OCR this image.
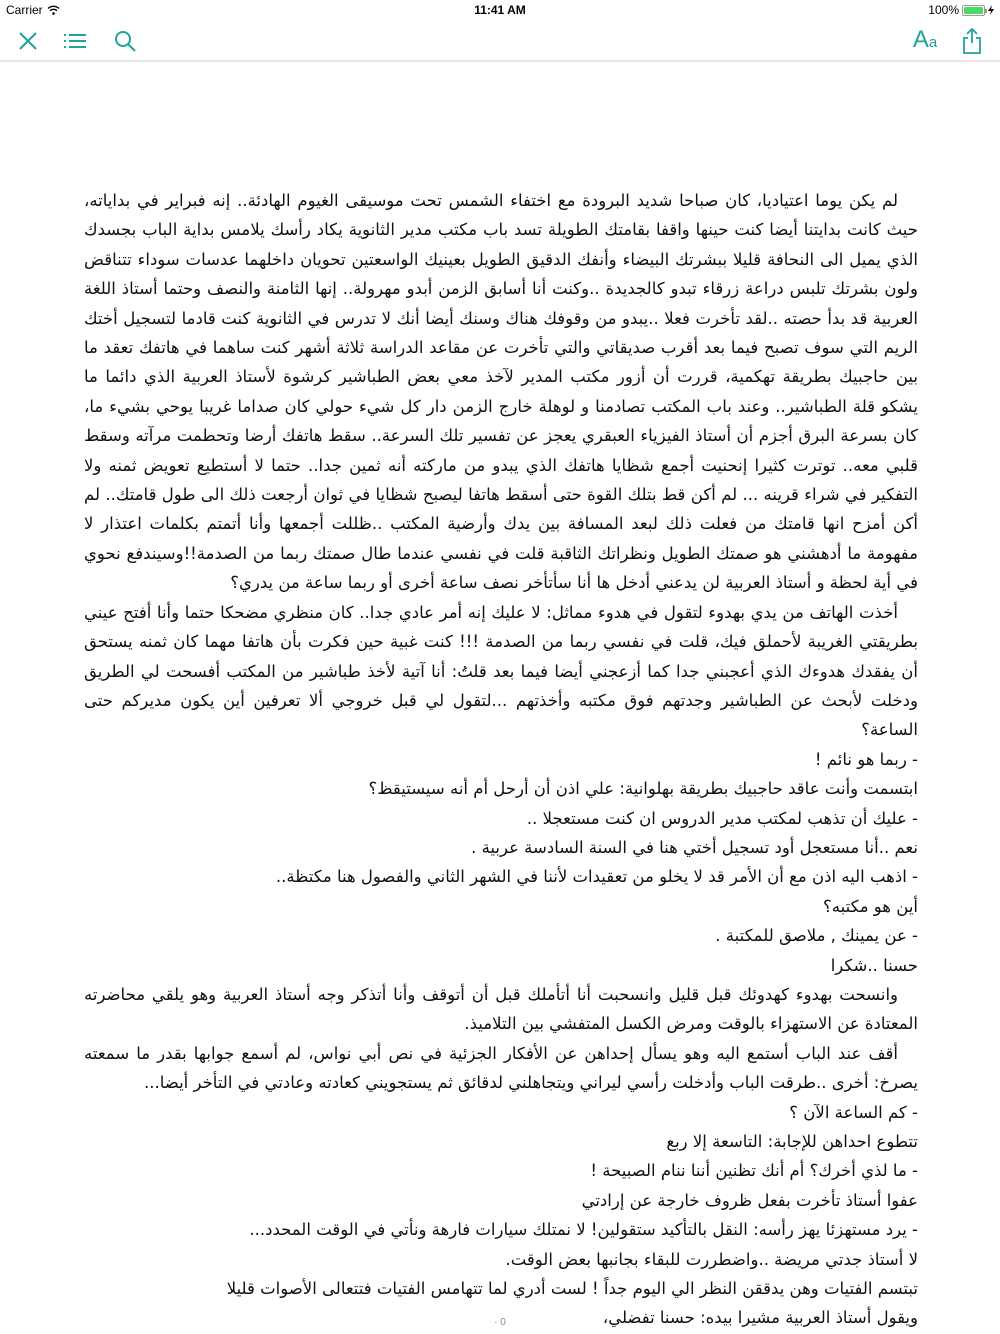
Carrier	11:41 AM	100%
Aa

لم يكن يوما اعتياديا، كان صباحا شديد البرودة مع اختفاء الشمس تحت موسيقى الغيوم الهادئة.. إنه فبراير في بداياته، حيث كانت بدايتنا أيضا كنت حينها واقفا بقامتك الطويلة تسد باب مكتب مدير الثانوية يكاد رأسك يلامس بداية الباب بجسدك الذي يميل الى النحافة قليلا ببشرتك البيضاء وأنفك الدقيق الطويل بعينيك الواسعتين تحويان داخلهما عدسات سوداء تتناقض ولون بشرتك تلبس دراعة زرقاء تبدو كالجديدة ..وكنت أنا أسابق الزمن أبدو مهرولة.. إنها الثامنة والنصف وحتما أستاذ اللغة العربية قد بدأ حصته ..لقد تأخرت فعلا ..يبدو من وقوفك هناك وسنك أيضا أنك لا تدرس في الثانوية كنت قادما لتسجيل أختك الريم التي سوف تصبح فيما بعد أقرب صديقاتي والتي تأخرت عن مقاعد الدراسة ثلاثة أشهر كنت ساهما في هاتفك تعقد ما بين حاجبيك بطريقة تهكمية، قررت أن أزور مكتب المدير لآخذ معي بعض الطباشير كرشوة لأستاذ العربية الذي دائما ما يشكو قلة الطباشير.. وعند باب المكتب تصادمنا و لوهلة خارج الزمن دار كل شيء حولي كان صداما غريبا يوحي بشيء ما، كان بسرعة البرق أجزم أن أستاذ الفيزياء العبقري يعجز عن تفسير تلك السرعة.. سقط هاتفك أرضا وتحطمت مرآته وسقط قلبي معه.. توترت كثيرا إنحنيت أجمع شظايا هاتفك الذي يبدو من ماركته أنه ثمين جدا.. حتما لا أستطيع تعويض ثمنه ولا التفكير في شراء قرينه ... لم أكن قط بتلك القوة حتى أسقط هاتفا ليصبح شظايا في ثوان أرجعت ذلك الى طول قامتك.. لم أكن أمزح انها قامتك من فعلت ذلك لبعد المسافة بين يدك وأرضية المكتب ..ظللت أجمعها وأنا أتمتم بكلمات اعتذار لا مفهومة ما أدهشني هو صمتك الطويل ونظراتك الثاقبة قلت في نفسي عندما طال صمتك ربما من الصدمة!!وسيندفع نحوي في أية لحظة و أستاذ العربية لن يدعني أدخل ها أنا سأتأخر نصف ساعة أخرى أو ربما ساعة من يدري؟

أخذت الهاتف من يدي بهدوء لتقول في هدوء مماثل: لا عليك إنه أمر عادي جدا.. كان منظري مضحكا حتما وأنا أفتح عيني بطريقتي الغريبة لأحملق فيك، قلت في نفسي ربما من الصدمة !!! كنت غبية حين فكرت بأن هاتفا مهما كان ثمنه يستحق أن يفقدك هدوءك الذي أعجبني جدا كما أزعجني أيضا فيما بعد قلتُ: أنا آتية لأخذ طباشير من المكتب أفسحت لي الطريق ودخلت لأبحث عن الطباشير وجدتهم فوق مكتبه وأخذتهم ...لتقول لي قبل خروجي ألا تعرفين أين يكون مديركم حتى الساعة؟

- ربما هو نائم !

ابتسمت وأنت عاقد حاجبيك بطريقة بهلوانية: علي اذن أن أرحل أم أنه سيستيقظ؟

- عليك أن تذهب لمكتب مدير الدروس ان كنت مستعجلا ..

نعم ..أنا مستعجل أود تسجيل أختي هنا في السنة السادسة عربية .

- اذهب اليه اذن مع أن الأمر قد لا يخلو من تعقيدات لأننا في الشهر الثاني والفصول هنا مكتظة..

أين هو مكتبه؟

- عن يمينك , ملاصق للمكتبة .

حسنا ..شكرا

وانسحت بهدوء كهدوئك قبل قليل وانسحبت أنا أتأملك قبل أن أتوقف وأنا أتذكر وجه أستاذ العربية وهو يلقي محاضرته المعتادة عن الاستهزاء بالوقت ومرض الكسل المتفشي بين التلاميذ.

أقف عند الباب أستمع اليه وهو يسأل إحداهن عن الأفكار الجزئية في نص أبي نواس، لم أسمع جوابها بقدر ما سمعته يصرخ: أخرى ..طرقت الباب وأدخلت رأسي ليراني ويتجاهلني لدقائق ثم يستجويني كعادته وعادتي في التأخر أيضا...

- كم الساعة الآن ؟

تتطوع احداهن للإجابة: التاسعة إلا ربع

- ما لذي أخرك؟ أم أنك تظنين أننا ننام الصبيحة !

عفوا أستاذ تأخرت بفعل ظروف خارجة عن إرادتي

- يرد مستهزئا يهز رأسه: النقل بالتأكيد ستقولين! لا نمتلك سيارات فارهة ونأتي في الوقت المحدد...

لا أستاذ جدتي مريضة ..واضطررت للبقاء بجانبها بعض الوقت.

تبتسم الفتيات وهن يدققن النظر الي اليوم جداً ! لست أدري لما تتهامس الفتيات فتتعالى الأصوات قليلا

ويقول أستاذ العربية مشيرا بيده: حسنا تفضلي،

· 0
